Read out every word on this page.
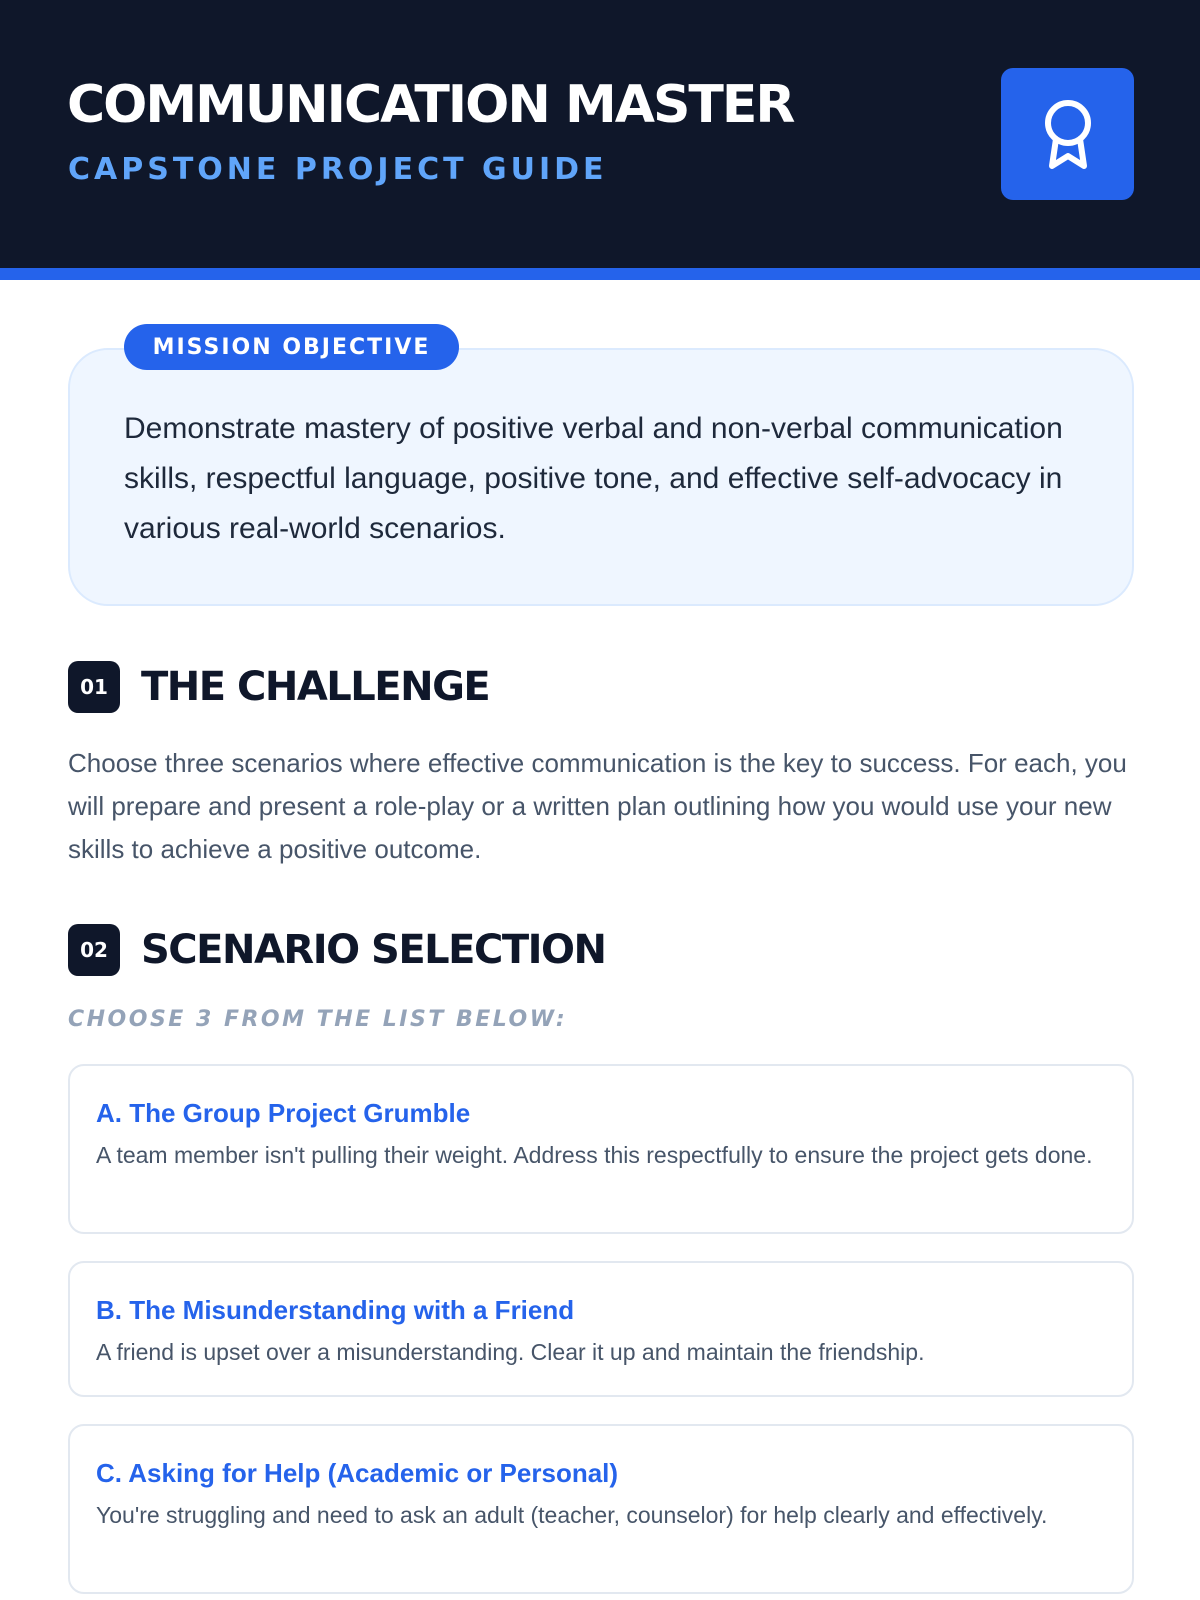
COMMUNICATION MASTER
CAPSTONE PROJECT GUIDE
MISSION OBJECTIVE

Demonstrate mastery of positive verbal and non-verbal communication skills, respectful language, positive tone, and effective self-advocacy in various real-world scenarios.

01 THE CHALLENGE

Choose three scenarios where effective communication is the key to success. For each, you will prepare and present a role-play or a written plan outlining how you would use your new skills to achieve a positive outcome.

02 SCENARIO SELECTION
CHOOSE 3 FROM THE LIST BELOW:
A. The Group Project Grumble

A team member isn't pulling their weight. Address this respectfully to ensure the project gets done.

B. The Misunderstanding with a Friend

A friend is upset over a misunderstanding. Clear it up and maintain the friendship.

C. Asking for Help (Academic or Personal)

You're struggling and need to ask an adult (teacher, counselor) for help clearly and effectively.
